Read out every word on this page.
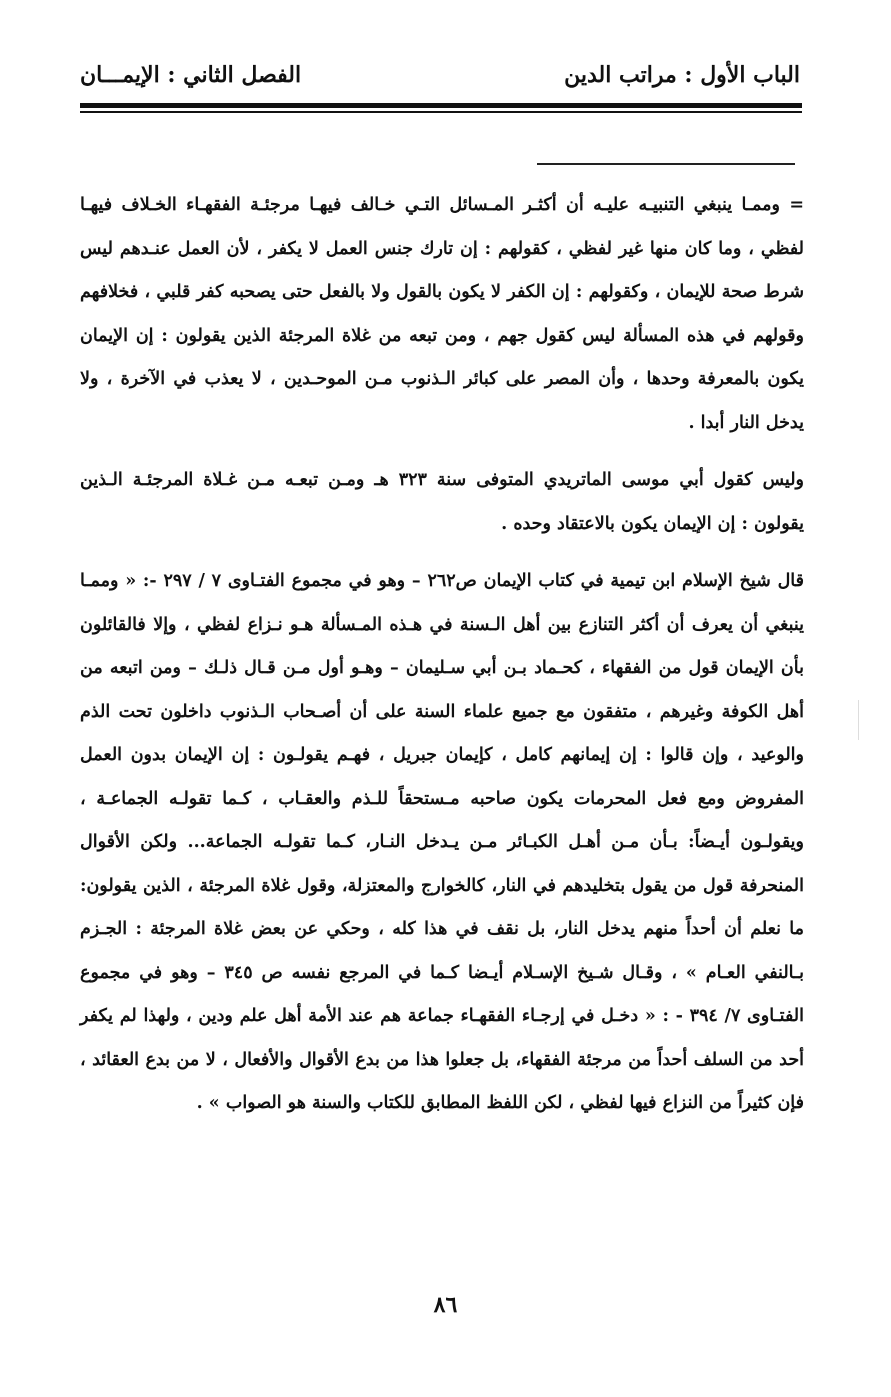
الباب الأول : مراتب الدين
الفصل الثاني : الإيمـــان

= وممـا ينبغي التنبيـه عليـه أن أكثـر المـسائل التـي خـالف فيهـا مرجئـة الفقهـاء الخـلاف فيهـا لفظي ، وما كان منها غير لفظي ، كقولهم : إن تارك جنس العمل لا يكفر ، لأن العمل عنـدهم ليس شرط صحة للإيمان ، وكقولهم : إن الكفر لا يكون بالقول ولا بالفعل حتى يصحبه كفر قلبي ، فخلافهم وقولهم في هذه المسألة ليس كقول جهم ، ومن تبعه من غلاة المرجئة الذين يقولون : إن الإيمان يكون بالمعرفة وحدها ، وأن المصر على كبائر الـذنوب مـن الموحـدين ، لا يعذب في الآخرة ، ولا يدخل النار أبدا .

وليس كقول أبي موسى الماتريدي المتوفى سنة ٣٢٣ هـ ومـن تبعـه مـن غـلاة المرجئـة الـذين يقولون : إن الإيمان يكون بالاعتقاد وحده .

قال شيخ الإسلام ابن تيمية في كتاب الإيمان ص٢٦٢ – وهو في مجموع الفتـاوى ٧ / ٢٩٧ -: « وممـا ينبغي أن يعرف أن أكثر التنازع بين أهل الـسنة في هـذه المـسألة هـو نـزاع لفظي ، وإلا فالقائلون بأن الإيمان قول من الفقهاء ، كحـماد بـن أبي سـليمان – وهـو أول مـن قـال ذلـك – ومن اتبعه من أهل الكوفة وغيرهم ، متفقون مع جميع علماء السنة على أن أصـحاب الـذنوب داخلون تحت الذم والوعيد ، وإن قالوا : إن إيمانهم كامل ، كإيمان جبريل ، فهـم يقولـون : إن الإيمان بدون العمل المفروض ومع فعل المحرمات يكون صاحبه مـستحقاً للـذم والعقـاب ، كـما تقولـه الجماعـة ، ويقولـون أيـضاً: بـأن مـن أهـل الكبـائر مـن يـدخل النـار، كـما تقولـه الجماعة... ولكن الأقوال المنحرفة قول من يقول بتخليدهم في النار، كالخوارج والمعتزلة، وقول غلاة المرجئة ، الذين يقولون: ما نعلم أن أحداً منهم يدخل النار، بل نقف في هذا كله ، وحكي عن بعض غلاة المرجئة : الجـزم بـالنفي العـام » ، وقـال شـيخ الإسـلام أيـضا كـما في المرجع نفسه ص ٣٤٥ – وهو في مجموع الفتـاوى ٧/ ٣٩٤ - : « دخـل في إرجـاء الفقهـاء جماعة هم عند الأمة أهل علم ودين ، ولهذا لم يكفر أحد من السلف أحداً من مرجئة الفقهاء، بل جعلوا هذا من بدع الأقوال والأفعال ، لا من بدع العقائد ، فإن كثيراً من النزاع فيها لفظي ، لكن اللفظ المطابق للكتاب والسنة هو الصواب » .

٨٦
